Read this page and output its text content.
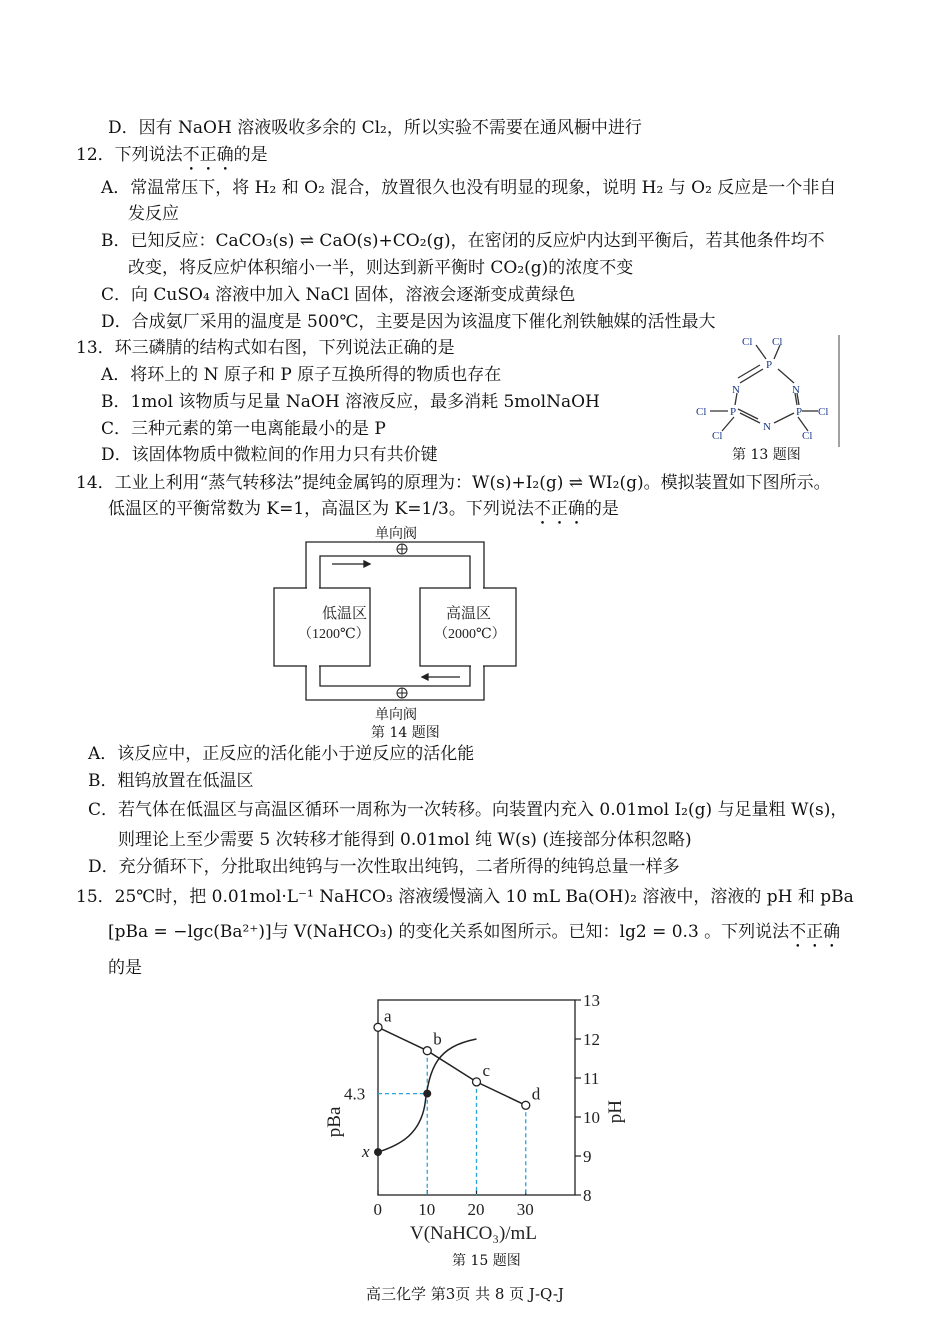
D．因有 NaOH 溶液吸收多余的 Cl₂，所以实验不需要在通风橱中进行
12．下列说法不正确的是
A．常温常压下，将 H₂ 和 O₂ 混合，放置很久也没有明显的现象，说明 H₂ 与 O₂ 反应是一个非自
发反应
B．已知反应：CaCO₃(s) ⇌ CaO(s)+CO₂(g)，在密闭的反应炉内达到平衡后，若其他条件均不
改变，将反应炉体积缩小一半，则达到新平衡时 CO₂(g)的浓度不变
C．向 CuSO₄ 溶液中加入 NaCl 固体，溶液会逐渐变成黄绿色
D．合成氨厂采用的温度是 500℃，主要是因为该温度下催化剂铁触媒的活性最大
13．环三磷腈的结构式如右图，下列说法正确的是
A．将环上的 N 原子和 P 原子互换所得的物质也存在
B．1mol 该物质与足量 NaOH 溶液反应，最多消耗 5molNaOH
C．三种元素的第一电离能最小的是 P
D．该固体物质中微粒间的作用力只有共价键
P
N	N
P	P
N
Cl Cl
Cl	Cl
Cl	Cl
第 13 题图
14．工业上利用“蒸气转移法”提纯金属钨的原理为：W(s)+I₂(g) ⇌ WI₂(g)。模拟装置如下图所示。
低温区的平衡常数为 K=1，高温区为 K=1/3。下列说法不正确的是
低温区
（1200℃）
高温区
（2000℃）
单向阀
单向阀
第 14 题图
A．该反应中，正反应的活化能小于逆反应的活化能
B．粗钨放置在低温区
C．若气体在低温区与高温区循环一周称为一次转移。向装置内充入 0.01mol I₂(g) 与足量粗 W(s)，
则理论上至少需要 5 次转移才能得到 0.01mol 纯 W(s) (连接部分体积忽略)
D．充分循环下，分批取出纯钨与一次性取出纯钨，二者所得的纯钨总量一样多
15．25℃时，把 0.01mol·L⁻¹ NaHCO₃ 溶液缓慢滴入 10 mL Ba(OH)₂ 溶液中，溶液的 pH 和 pBa
[pBa = −lgc(Ba²⁺)]与 V(NaHCO₃) 的变化关系如图所示。已知：lg2 = 0.3 。下列说法不正确
的是
13
12
11
10
9
8
0 10 20 30
V(NaHCO₃)/mL
pBa	pH
a
b
c
d
4.3
x
第 15 题图
高三化学 第3页 共 8 页 J-Q-J
